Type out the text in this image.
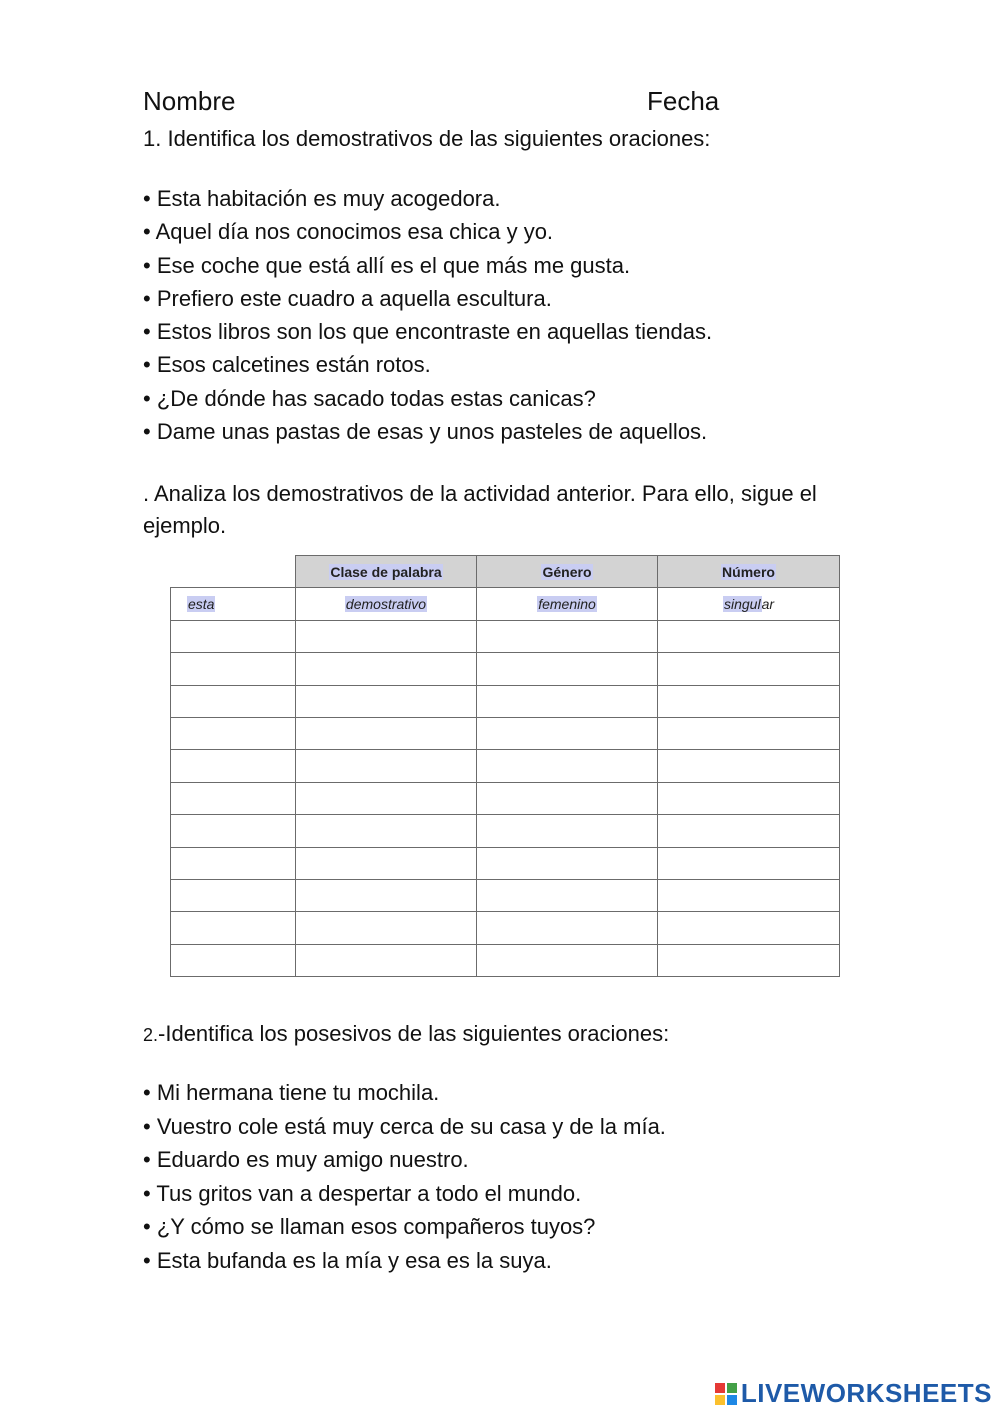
Nombre	Fecha
1. Identifica los demostrativos de las siguientes oraciones:
• Esta habitación es muy acogedora.
• Aquel día nos conocimos esa chica y yo.
• Ese coche que está allí es el que más me gusta.
• Prefiero este cuadro a aquella escultura.
• Estos libros son los que encontraste en aquellas tiendas.
• Esos calcetines están rotos.
• ¿De dónde has sacado todas estas canicas?
• Dame unas pastas de esas y unos pasteles de aquellos.
. Analiza los demostrativos de la actividad anterior. Para ello, sigue el ejemplo.
	Clase de palabra	Género	Número
esta	demostrativo	femenino	singular

2.-Identifica los posesivos de las siguientes oraciones:
• Mi hermana tiene tu mochila.
• Vuestro cole está muy cerca de su casa y de la mía.
• Eduardo es muy amigo nuestro.
• Tus gritos van a despertar a todo el mundo.
• ¿Y cómo se llaman esos compañeros tuyos?
• Esta bufanda es la mía y esa es la suya.
LIVEWORKSHEETS
